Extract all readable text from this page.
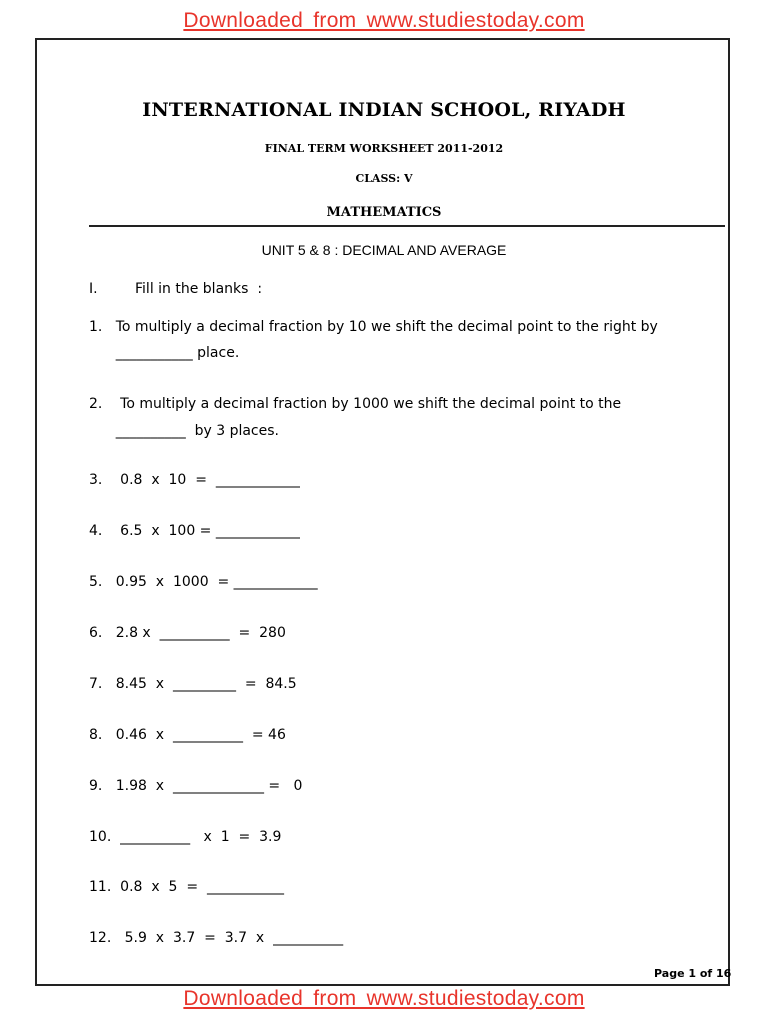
Downloaded from www.studiestoday.com
INTERNATIONAL INDIAN SCHOOL, RIYADH
FINAL TERM WORKSHEET 2011-2012
CLASS: V
MATHEMATICS
UNIT 5 & 8 : DECIMAL AND AVERAGE
I.	Fill in the blanks  :
1.   To multiply a decimal fraction by 10 we shift the decimal point to the right by
___________ place.
2.    To multiply a decimal fraction by 1000 we shift the decimal point to the
__________  by 3 places.
3.    0.8  x  10  =  ____________
4.    6.5  x  100 = ____________
5.   0.95  x  1000  = ____________
6.   2.8 x  __________  =  280
7.   8.45  x  _________  =  84.5
8.   0.46  x  __________  = 46
9.   1.98  x  _____________ =   0
10.  __________   x  1  =  3.9
11.  0.8  x  5  =  ___________
12.   5.9  x  3.7  =  3.7  x  __________
Page 1 of 16
Downloaded from www.studiestoday.com
